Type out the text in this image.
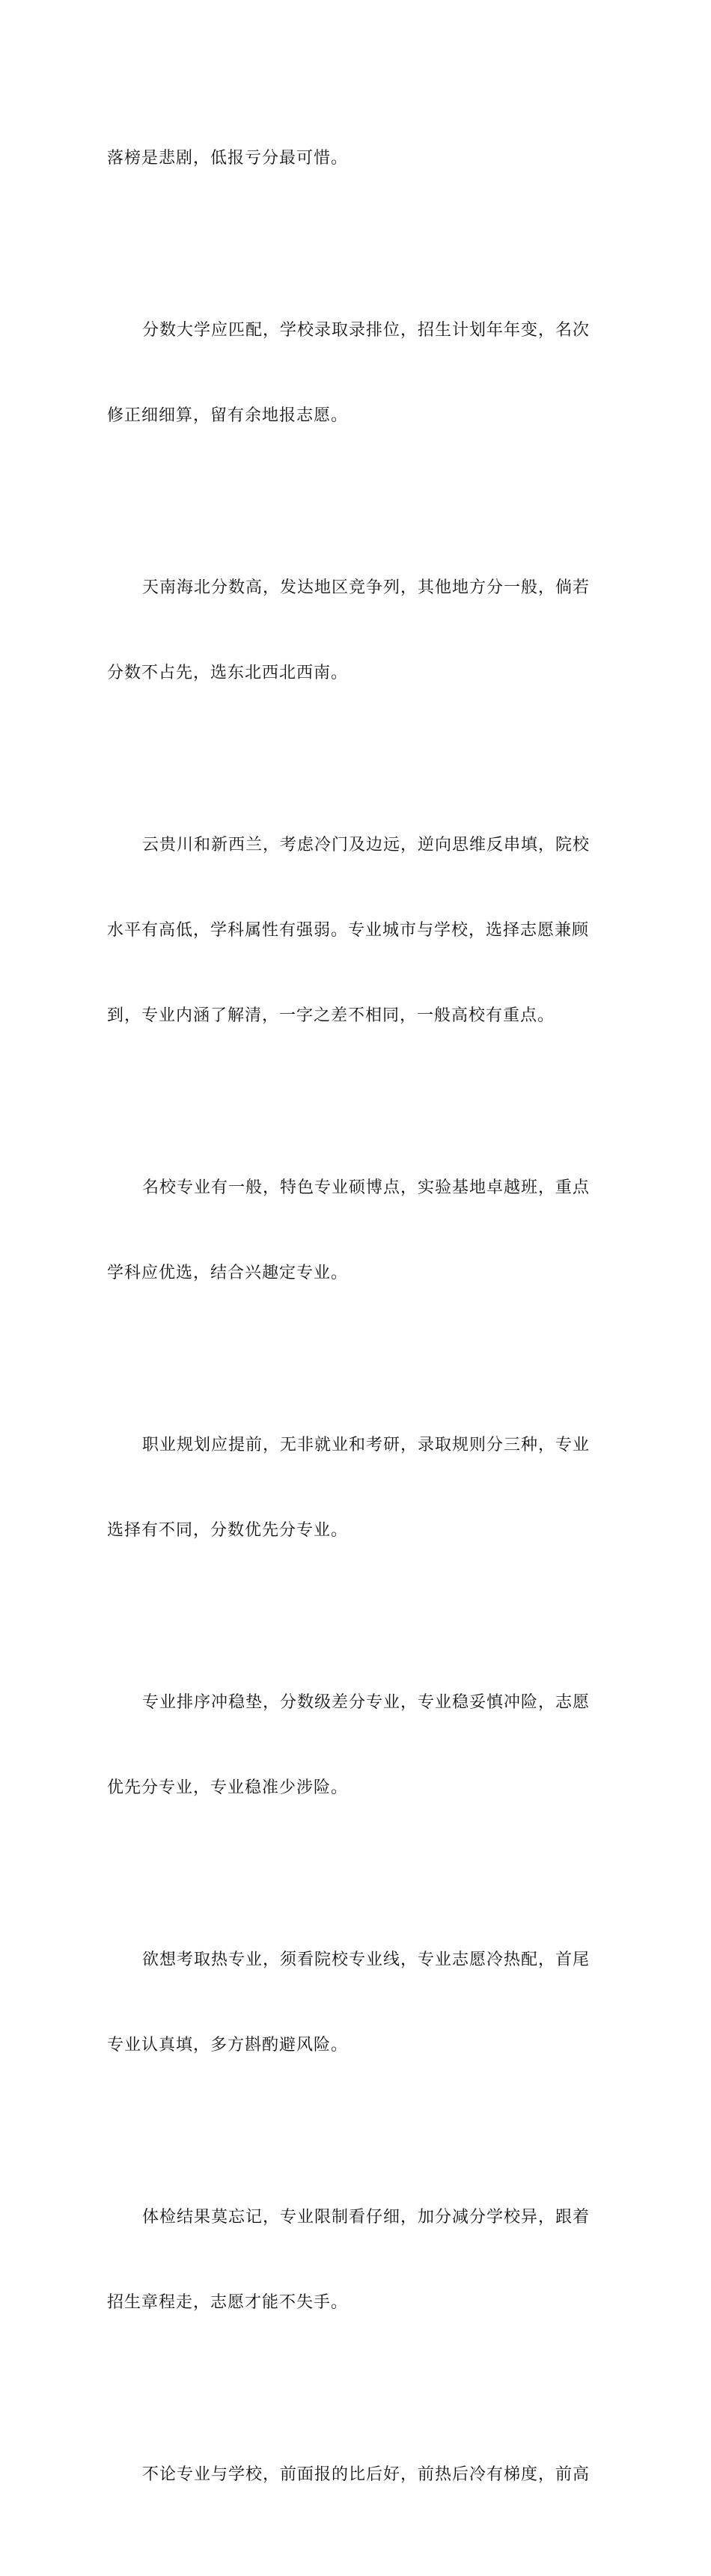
落榜是悲剧，低报亏分最可惜。

分数大学应匹配，学校录取录排位，招生计划年年变，名次

修正细细算，留有余地报志愿。

天南海北分数高，发达地区竞争列，其他地方分一般，倘若

分数不占先，选东北西北西南。

云贵川和新西兰，考虑冷门及边远，逆向思维反串填，院校

水平有高低，学科属性有强弱。专业城市与学校，选择志愿兼顾

到，专业内涵了解清，一字之差不相同，一般高校有重点。

名校专业有一般，特色专业硕博点，实验基地卓越班，重点

学科应优选，结合兴趣定专业。

职业规划应提前，无非就业和考研，录取规则分三种，专业

选择有不同，分数优先分专业。

专业排序冲稳垫，分数级差分专业，专业稳妥慎冲险，志愿

优先分专业，专业稳准少涉险。

欲想考取热专业，须看院校专业线，专业志愿冷热配，首尾

专业认真填，多方斟酌避风险。

体检结果莫忘记，专业限制看仔细，加分减分学校异，跟着

招生章程走，志愿才能不失手。

不论专业与学校，前面报的比后好，前热后冷有梯度，前高
